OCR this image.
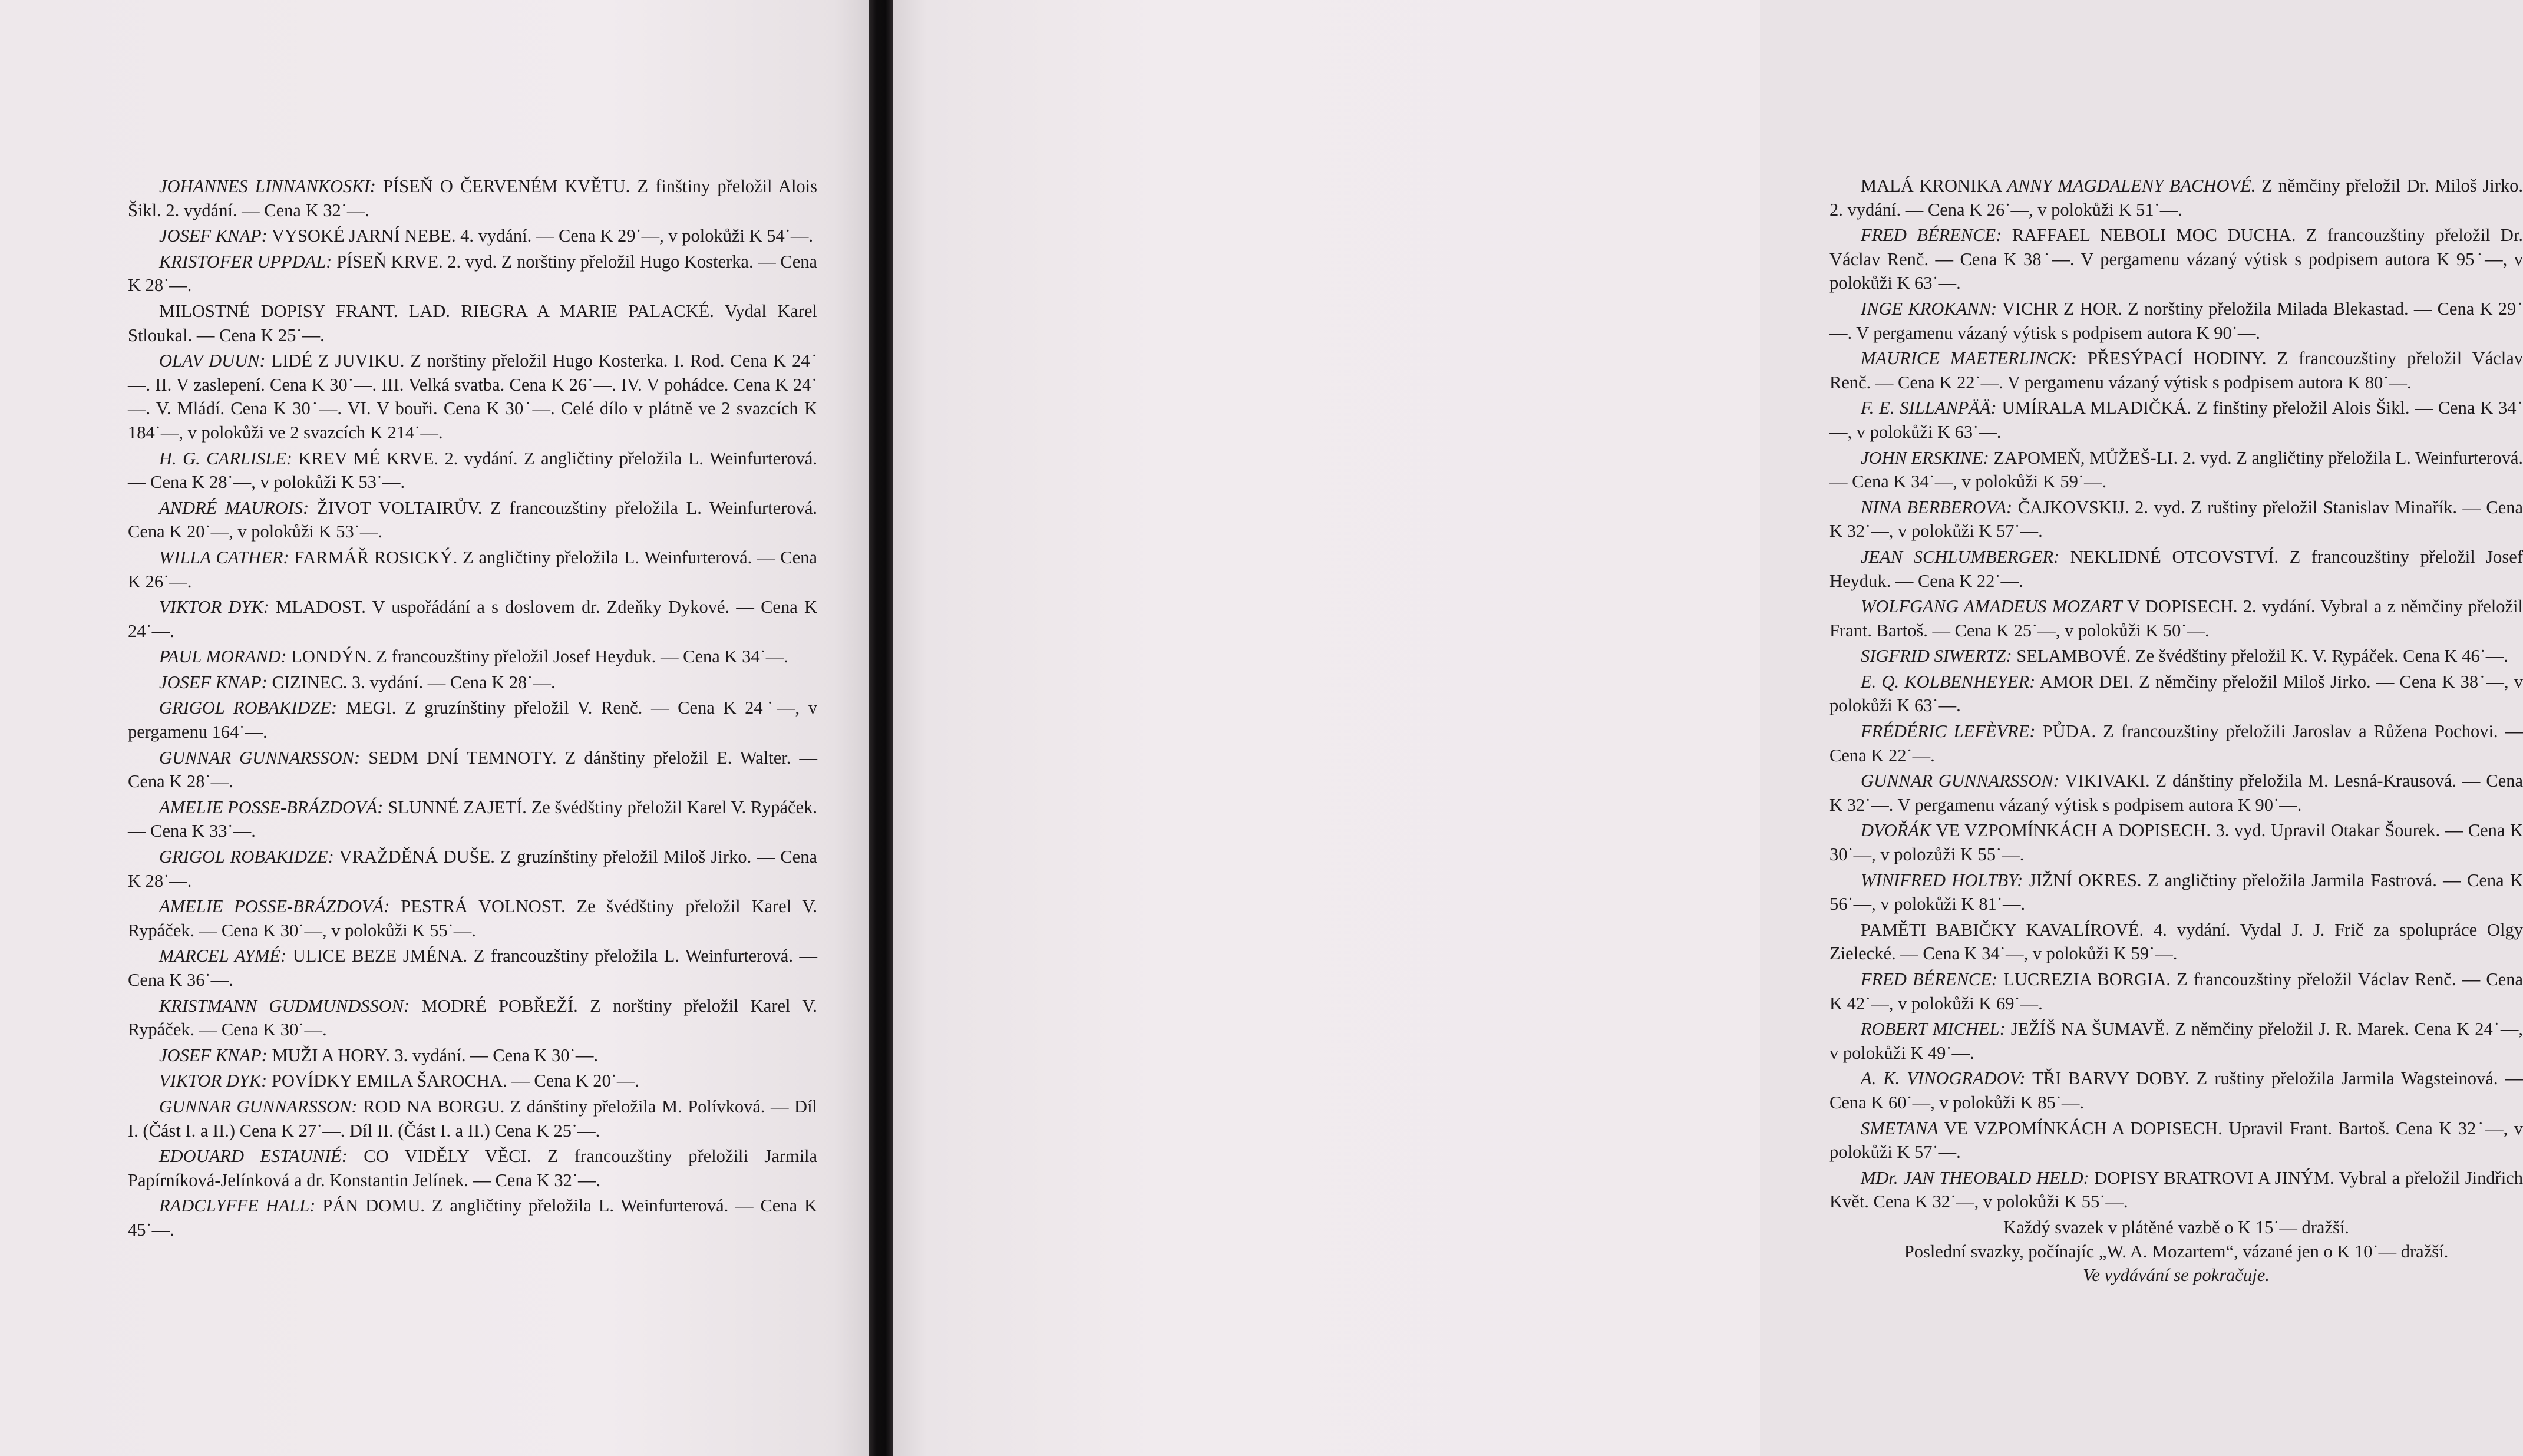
JOHANNES LINNANKOSKI: PÍSEŇ O ČERVENÉM KVĚTU. Z finštiny přeložil Alois Šikl. 2. vydání. — Cena K 32˙—.

JOSEF KNAP: VYSOKÉ JARNÍ NEBE. 4. vydání. — Cena K 29˙—, v polokůži K 54˙—.

KRISTOFER UPPDAL: PÍSEŇ KRVE. 2. vyd. Z norštiny přeložil Hugo Kosterka. — Cena K 28˙—.

MILOSTNÉ DOPISY FRANT. LAD. RIEGRA A MARIE PALACKÉ. Vydal Karel Stloukal. — Cena K 25˙—.

OLAV DUUN: LIDÉ Z JUVIKU. Z norštiny přeložil Hugo Kosterka. I. Rod. Cena K 24˙—. II. V zaslepení. Cena K 30˙—. III. Velká svatba. Cena K 26˙—. IV. V pohádce. Cena K 24˙—. V. Mládí. Cena K 30˙—. VI. V bouři. Cena K 30˙—. Celé dílo v plátně ve 2 svazcích K 184˙—, v polokůži ve 2 svazcích K 214˙—.

H. G. CARLISLE: KREV MÉ KRVE. 2. vydání. Z angličtiny přeložila L. Weinfurterová. — Cena K 28˙—, v polokůži K 53˙—.

ANDRÉ MAUROIS: ŽIVOT VOLTAIRŮV. Z francouzštiny přeložila L. Weinfurterová. Cena K 20˙—, v polokůži K 53˙—.

WILLA CATHER: FARMÁŘ ROSICKÝ. Z angličtiny přeložila L. Weinfurterová. — Cena K 26˙—.

VIKTOR DYK: MLADOST. V uspořádání a s doslovem dr. Zdeňky Dykové. — Cena K 24˙—.

PAUL MORAND: LONDÝN. Z francouzštiny přeložil Josef Heyduk. — Cena K 34˙—.

JOSEF KNAP: CIZINEC. 3. vydání. — Cena K 28˙—.

GRIGOL ROBAKIDZE: MEGI. Z gruzínštiny přeložil V. Renč. — Cena K 24˙—, v pergamenu 164˙—.

GUNNAR GUNNARSSON: SEDM DNÍ TEMNOTY. Z dánštiny přeložil E. Walter. — Cena K 28˙—.

AMELIE POSSE-BRÁZDOVÁ: SLUNNÉ ZAJETÍ. Ze švédštiny přeložil Karel V. Rypáček. — Cena K 33˙—.

GRIGOL ROBAKIDZE: VRAŽDĚNÁ DUŠE. Z gruzínštiny přeložil Miloš Jirko. — Cena K 28˙—.

AMELIE POSSE-BRÁZDOVÁ: PESTRÁ VOLNOST. Ze švédštiny přeložil Karel V. Rypáček. — Cena K 30˙—, v polokůži K 55˙—.

MARCEL AYMÉ: ULICE BEZE JMÉNA. Z francouzštiny přeložila L. Weinfurterová. — Cena K 36˙—.

KRISTMANN GUDMUNDSSON: MODRÉ POBŘEŽÍ. Z norštiny přeložil Karel V. Rypáček. — Cena K 30˙—.

JOSEF KNAP: MUŽI A HORY. 3. vydání. — Cena K 30˙—.

VIKTOR DYK: POVÍDKY EMILA ŠAROCHA. — Cena K 20˙—.

GUNNAR GUNNARSSON: ROD NA BORGU. Z dánštiny přeložila M. Polívková. — Díl I. (Část I. a II.) Cena K 27˙—. Díl II. (Část I. a II.) Cena K 25˙—.

EDOUARD ESTAUNIÉ: CO VIDĚLY VĚCI. Z francouzštiny přeložili Jarmila Papírníková-Jelínková a dr. Konstantin Jelínek. — Cena K 32˙—.

RADCLYFFE HALL: PÁN DOMU. Z angličtiny přeložila L. Weinfurterová. — Cena K 45˙—.

MALÁ KRONIKA ANNY MAGDALENY BACHOVÉ. Z němčiny přeložil Dr. Miloš Jirko. 2. vydání. — Cena K 26˙—, v polokůži K 51˙—.

FRED BÉRENCE: RAFFAEL NEBOLI MOC DUCHA. Z francouzštiny přeložil Dr. Václav Renč. — Cena K 38˙—. V pergamenu vázaný výtisk s podpisem autora K 95˙—, v polokůži K 63˙—.

INGE KROKANN: VICHR Z HOR. Z norštiny přeložila Milada Blekastad. — Cena K 29˙—. V pergamenu vázaný výtisk s podpisem autora K 90˙—.

MAURICE MAETERLINCK: PŘESÝPACÍ HODINY. Z francouzštiny přeložil Václav Renč. — Cena K 22˙—. V pergamenu vázaný výtisk s podpisem autora K 80˙—.

F. E. SILLANPÄÄ: UMÍRALA MLADIČKÁ. Z finštiny přeložil Alois Šikl. — Cena K 34˙—, v polokůži K 63˙—.

JOHN ERSKINE: ZAPOMEŇ, MŮŽEŠ-LI. 2. vyd. Z angličtiny přeložila L. Weinfurterová. — Cena K 34˙—, v polokůži K 59˙—.

NINA BERBEROVA: ČAJKOVSKIJ. 2. vyd. Z ruštiny přeložil Stanislav Minařík. — Cena K 32˙—, v polokůži K 57˙—.

JEAN SCHLUMBERGER: NEKLIDNÉ OTCOVSTVÍ. Z francouzštiny přeložil Josef Heyduk. — Cena K 22˙—.

WOLFGANG AMADEUS MOZART V DOPISECH. 2. vydání. Vybral a z němčiny přeložil Frant. Bartoš. — Cena K 25˙—, v polokůži K 50˙—.

SIGFRID SIWERTZ: SELAMBOVÉ. Ze švédštiny přeložil K. V. Rypáček. Cena K 46˙—.

E. Q. KOLBENHEYER: AMOR DEI. Z němčiny přeložil Miloš Jirko. — Cena K 38˙—, v polokůži K 63˙—.

FRÉDÉRIC LEFÈVRE: PŮDA. Z francouzštiny přeložili Jaroslav a Růžena Pochovi. — Cena K 22˙—.

GUNNAR GUNNARSSON: VIKIVAKI. Z dánštiny přeložila M. Lesná-Krausová. — Cena K 32˙—. V pergamenu vázaný výtisk s podpisem autora K 90˙—.

DVOŘÁK VE VZPOMÍNKÁCH A DOPISECH. 3. vyd. Upravil Otakar Šourek. — Cena K 30˙—, v polozůži K 55˙—.

WINIFRED HOLTBY: JIŽNÍ OKRES. Z angličtiny přeložila Jarmila Fastrová. — Cena K 56˙—, v polokůži K 81˙—.

PAMĚTI BABIČKY KAVALÍROVÉ. 4. vydání. Vydal J. J. Frič za spolupráce Olgy Zielecké. — Cena K 34˙—, v polokůži K 59˙—.

FRED BÉRENCE: LUCREZIA BORGIA. Z francouzštiny přeložil Václav Renč. — Cena K 42˙—, v polokůži K 69˙—.

ROBERT MICHEL: JEŽÍŠ NA ŠUMAVĚ. Z němčiny přeložil J. R. Marek. Cena K 24˙—, v polokůži K 49˙—.

A. K. VINOGRADOV: TŘI BARVY DOBY. Z ruštiny přeložila Jarmila Wagsteinová. — Cena K 60˙—, v polokůži K 85˙—.

SMETANA VE VZPOMÍNKÁCH A DOPISECH. Upravil Frant. Bartoš. Cena K 32˙—, v polokůži K 57˙—.

MDr. JAN THEOBALD HELD: DOPISY BRATROVI A JINÝM. Vybral a přeložil Jindřich Květ. Cena K 32˙—, v polokůži K 55˙—.

Každý svazek v plátěné vazbě o K 15˙— dražší.

Poslední svazky, počínajíc „W. A. Mozartem“, vázané jen o K 10˙— dražší.

Ve vydávání se pokračuje.
